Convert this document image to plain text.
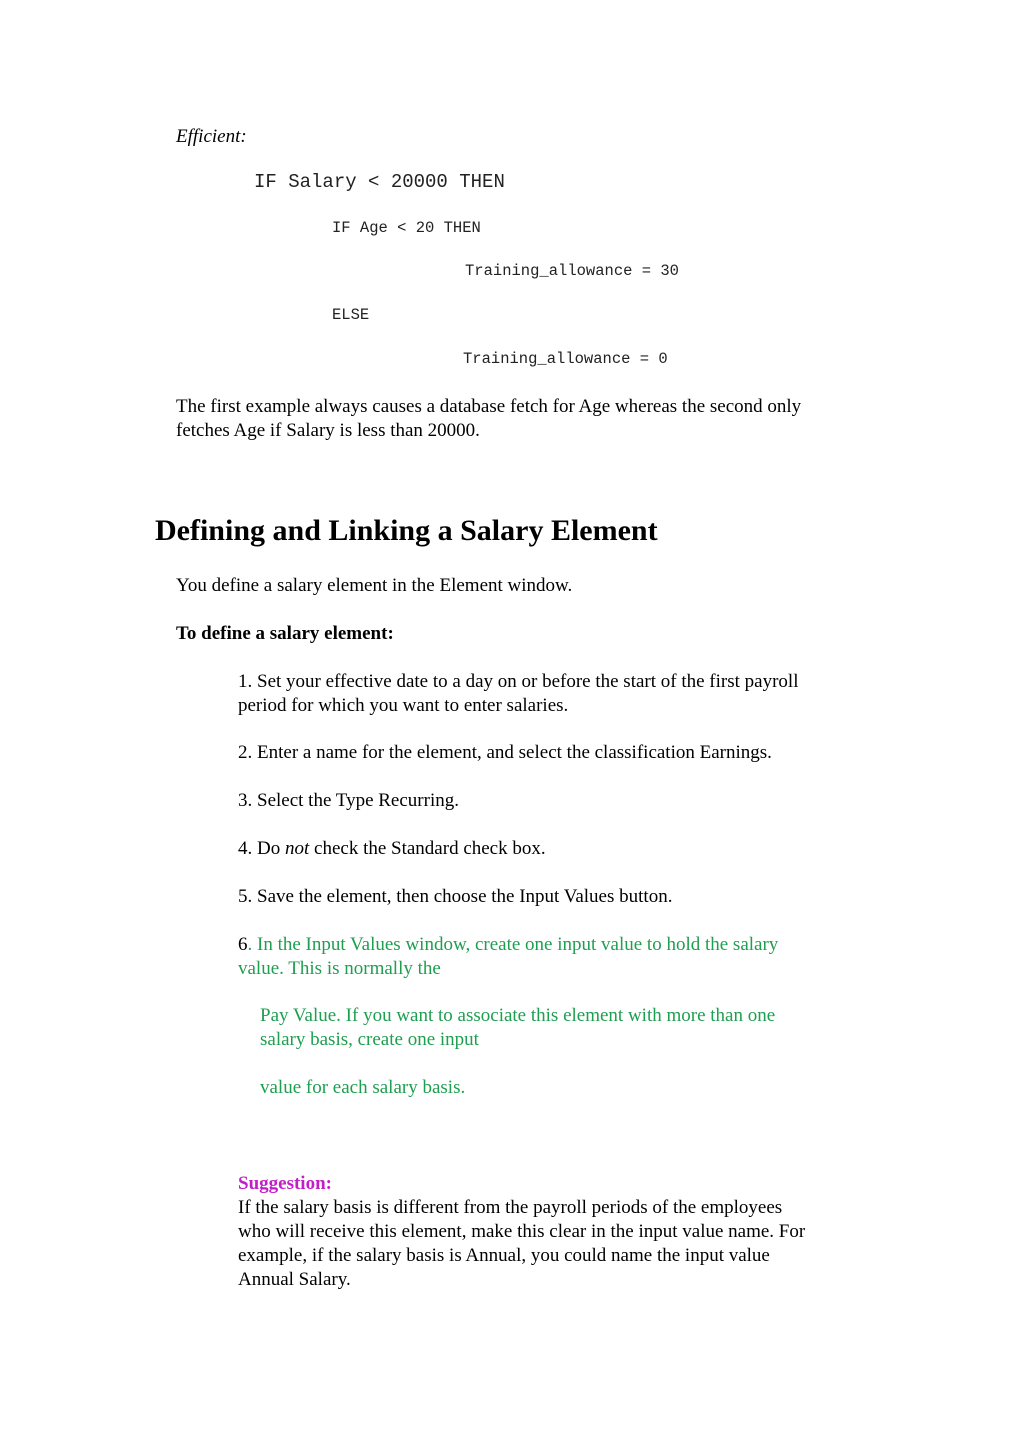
Efficient:
IF Salary < 20000 THEN
IF Age < 20 THEN
Training_allowance = 30
ELSE
Training_allowance = 0
The first example always causes a database fetch for Age whereas the second only
fetches Age if Salary is less than 20000.
Defining and Linking a Salary Element
You define a salary element in the Element window.
To define a salary element:
1. Set your effective date to a day on or before the start of the first payroll
period for which you want to enter salaries.
2. Enter a name for the element, and select the classification Earnings.
3. Select the Type Recurring.
4. Do not check the Standard check box.
5. Save the element, then choose the Input Values button.
6. In the Input Values window, create one input value to hold the salary
value. This is normally the
Pay Value. If you want to associate this element with more than one
salary basis, create one input
value for each salary basis.
Suggestion:
If the salary basis is different from the payroll periods of the employees
who will receive this element, make this clear in the input value name. For
example, if the salary basis is Annual, you could name the input value
Annual Salary.
